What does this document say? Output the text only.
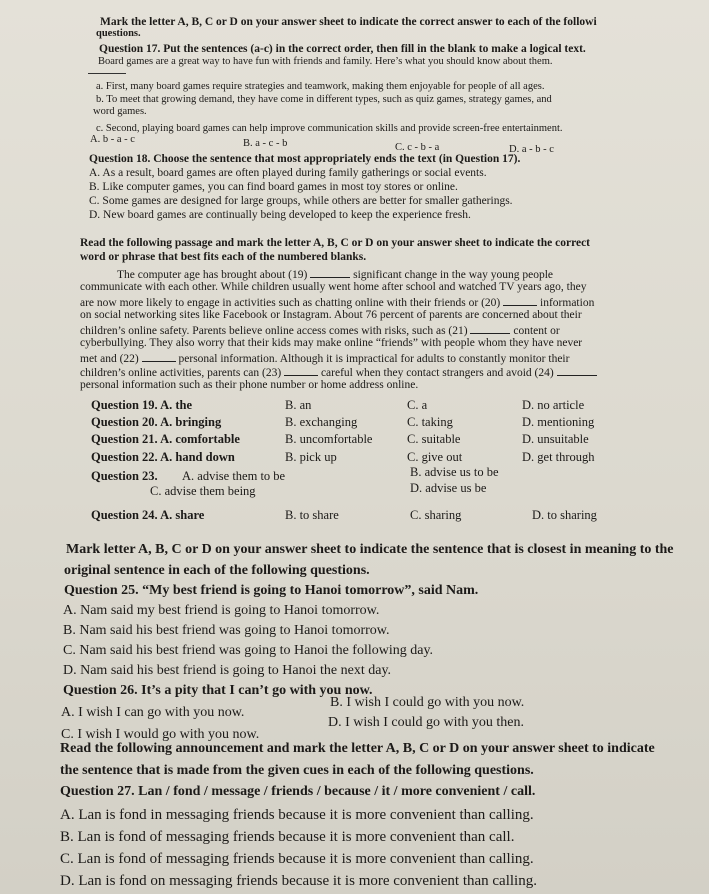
Mark the letter A, B, C or D on your answer sheet to indicate the correct answer to each of the followi
questions.
Question 17. Put the sentences (a-c) in the correct order, then fill in the blank to make a logical text.
Board games are a great way to have fun with friends and family. Here’s what you should know about them.
a. First, many board games require strategies and teamwork, making them enjoyable for people of all ages.
b. To meet that growing demand, they have come in different types, such as quiz games, strategy games, and
word games.
c. Second, playing board games can help improve communication skills and provide screen-free entertainment.
A. b - a - c	B. a - c - b	C. c - b - a	D. a - b - c
Question 18. Choose the sentence that most appropriately ends the text (in Question 17).
A. As a result, board games are often played during family gatherings or social events.
B. Like computer games, you can find board games in most toy stores or online.
C. Some games are designed for large groups, while others are better for smaller gatherings.
D. New board games are continually being developed to keep the experience fresh.
Read the following passage and mark the letter A, B, C or D on your answer sheet to indicate the correct
word or phrase that best fits each of the numbered blanks.
The computer age has brought about (19)	significant change in the way young people
communicate with each other. While children usually went home after school and watched TV years ago, they
are now more likely to engage in activities such as chatting online with their friends or (20)	information
on social networking sites like Facebook or Instagram. About 76 percent of parents are concerned about their
children’s online safety. Parents believe online access comes with risks, such as (21)	content or
cyberbullying. They also worry that their kids may make online “friends” with people whom they have never
met and (22)	personal information. Although it is impractical for adults to constantly monitor their
children’s online activities, parents can (23)	careful when they contact strangers and avoid (24)
personal information such as their phone number or home address online.
Question 19. A. the	B. an	C. a	D. no article
Question 20. A. bringing	B. exchanging	C. taking	D. mentioning
Question 21. A. comfortable	B. uncomfortable	C. suitable	D. unsuitable
Question 22. A. hand down	B. pick up	C. give out	D. get through
Question 23. A. advise them to be	B. advise us to be
C. advise them being	D. advise us be
Question 24. A. share	B. to share	C. sharing	D. to sharing
Mark letter A, B, C or D on your answer sheet to indicate the sentence that is closest in meaning to the
original sentence in each of the following questions.
Question 25. “My best friend is going to Hanoi tomorrow”, said Nam.
A. Nam said my best friend is going to Hanoi tomorrow.
B. Nam said his best friend was going to Hanoi tomorrow.
C. Nam said his best friend was going to Hanoi the following day.
D. Nam said his best friend is going to Hanoi the next day.
Question 26. It’s a pity that I can’t go with you now.
A. I wish I can go with you now.
B. I wish I could go with you now.
C. I wish I would go with you now.
D. I wish I could go with you then.
Read the following announcement and mark the letter A, B, C or D on your answer sheet to indicate
the sentence that is made from the given cues in each of the following questions.
Question 27. Lan / fond / message / friends / because / it / more convenient / call.
A. Lan is fond in messaging friends because it is more convenient than calling.
B. Lan is fond of messaging friends because it is more convenient than call.
C. Lan is fond of messaging friends because it is more convenient than calling.
D. Lan is fond on messaging friends because it is more convenient than calling.
